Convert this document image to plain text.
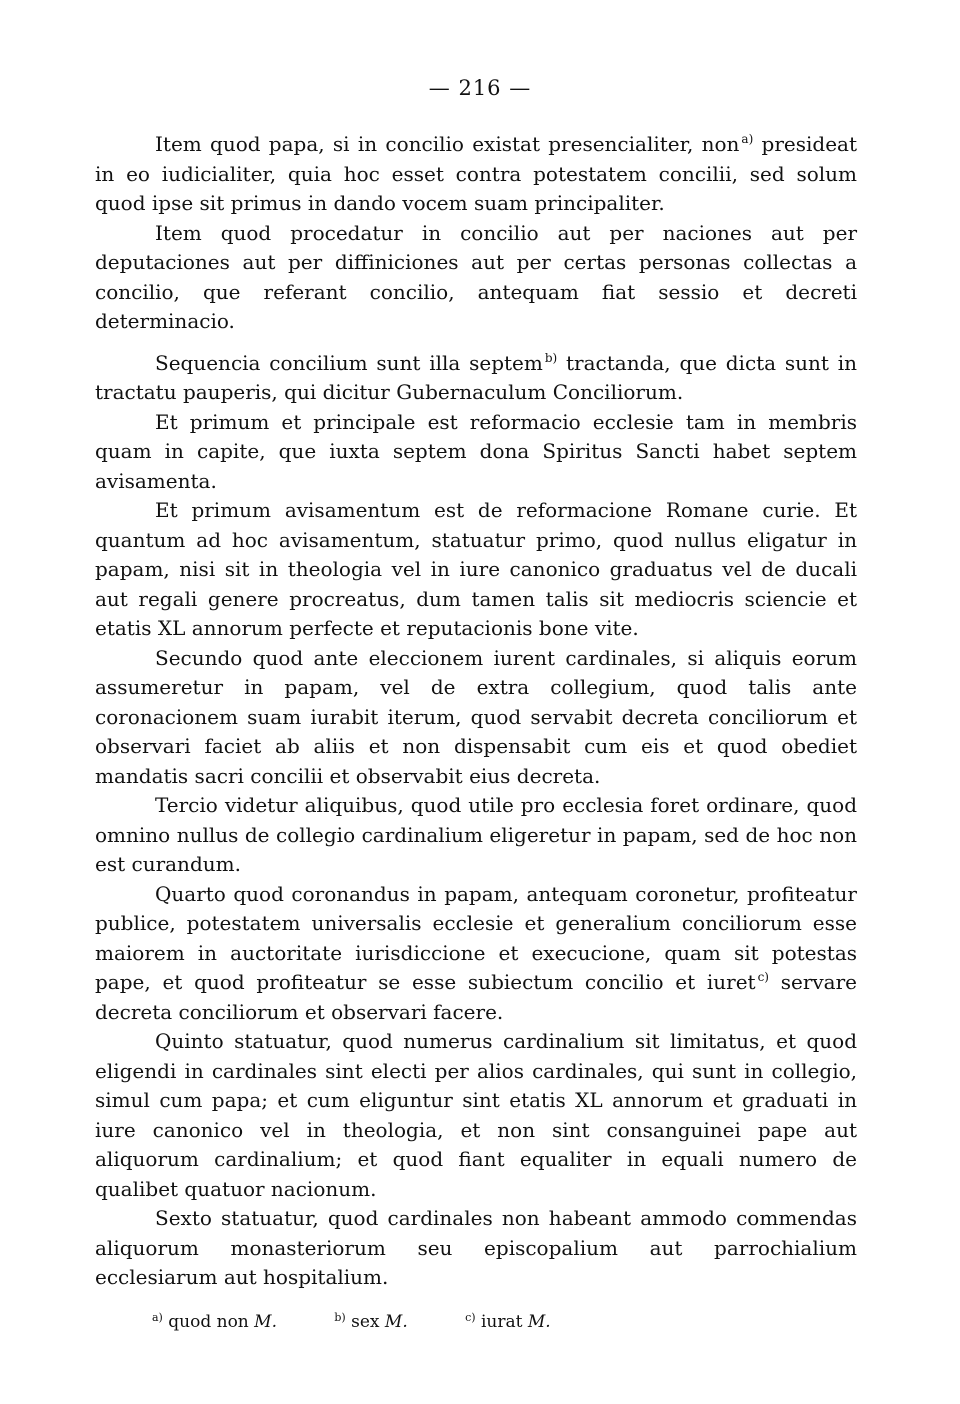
— 216 —

Item quod papa, si in concilio existat presencialiter, non $^{a)}$ presideat in eo iudicialiter, quia hoc esset contra potestatem concilii, sed solum quod ipse sit primus in dando vocem suam principaliter.

Item quod procedatur in concilio aut per naciones aut per deputaciones aut per diffiniciones aut per certas personas collectas a concilio, que referant concilio, antequam fiat sessio et decreti determinacio.

Sequencia concilium sunt illa septem $^{b)}$ tractanda, que dicta sunt in tractatu pauperis, qui dicitur Gubernaculum Conciliorum.

Et primum et principale est reformacio ecclesie tam in membris quam in capite, que iuxta septem dona Spiritus Sancti habet septem avisamenta.

Et primum avisamentum est de reformacione Romane curie. Et quantum ad hoc avisamentum, statuatur primo, quod nullus eligatur in papam, nisi sit in theologia vel in iure canonico graduatus vel de ducali aut regali genere procreatus, dum tamen talis sit mediocris sciencie et etatis XL annorum perfecte et reputacionis bone vite.

Secundo quod ante eleccionem iurent cardinales, si aliquis eorum assumeretur in papam, vel de extra collegium, quod talis ante coronacionem suam iurabit iterum, quod servabit decreta conciliorum et observari faciet ab aliis et non dispensabit cum eis et quod obediet mandatis sacri concilii et observabit eius decreta.

Tercio videtur aliquibus, quod utile pro ecclesia foret ordinare, quod omnino nullus de collegio cardinalium eligeretur in papam, sed de hoc non est curandum.

Quarto quod coronandus in papam, antequam coronetur, profiteatur publice, potestatem universalis ecclesie et generalium conciliorum esse maiorem in auctoritate iurisdiccione et execucione, quam sit potestas pape, et quod profiteatur se esse subiectum concilio et iuret $^{c)}$ servare decreta conciliorum et observari facere.

Quinto statuatur, quod numerus cardinalium sit limitatus, et quod eligendi in cardinales sint electi per alios cardinales, qui sunt in collegio, simul cum papa; et cum eliguntur sint etatis XL annorum et graduati in iure canonico vel in theologia, et non sint consanguinei pape aut aliquorum cardinalium; et quod fiant equaliter in equali numero de qualibet quatuor nacionum.

Sexto statuatur, quod cardinales non habeant ammodo commendas aliquorum monasteriorum seu episcopalium aut parrochialium ecclesiarum aut hospitalium.

$^{a)}$ quod non M.	$^{b)}$ sex M.	$^{c)}$ iurat M.
